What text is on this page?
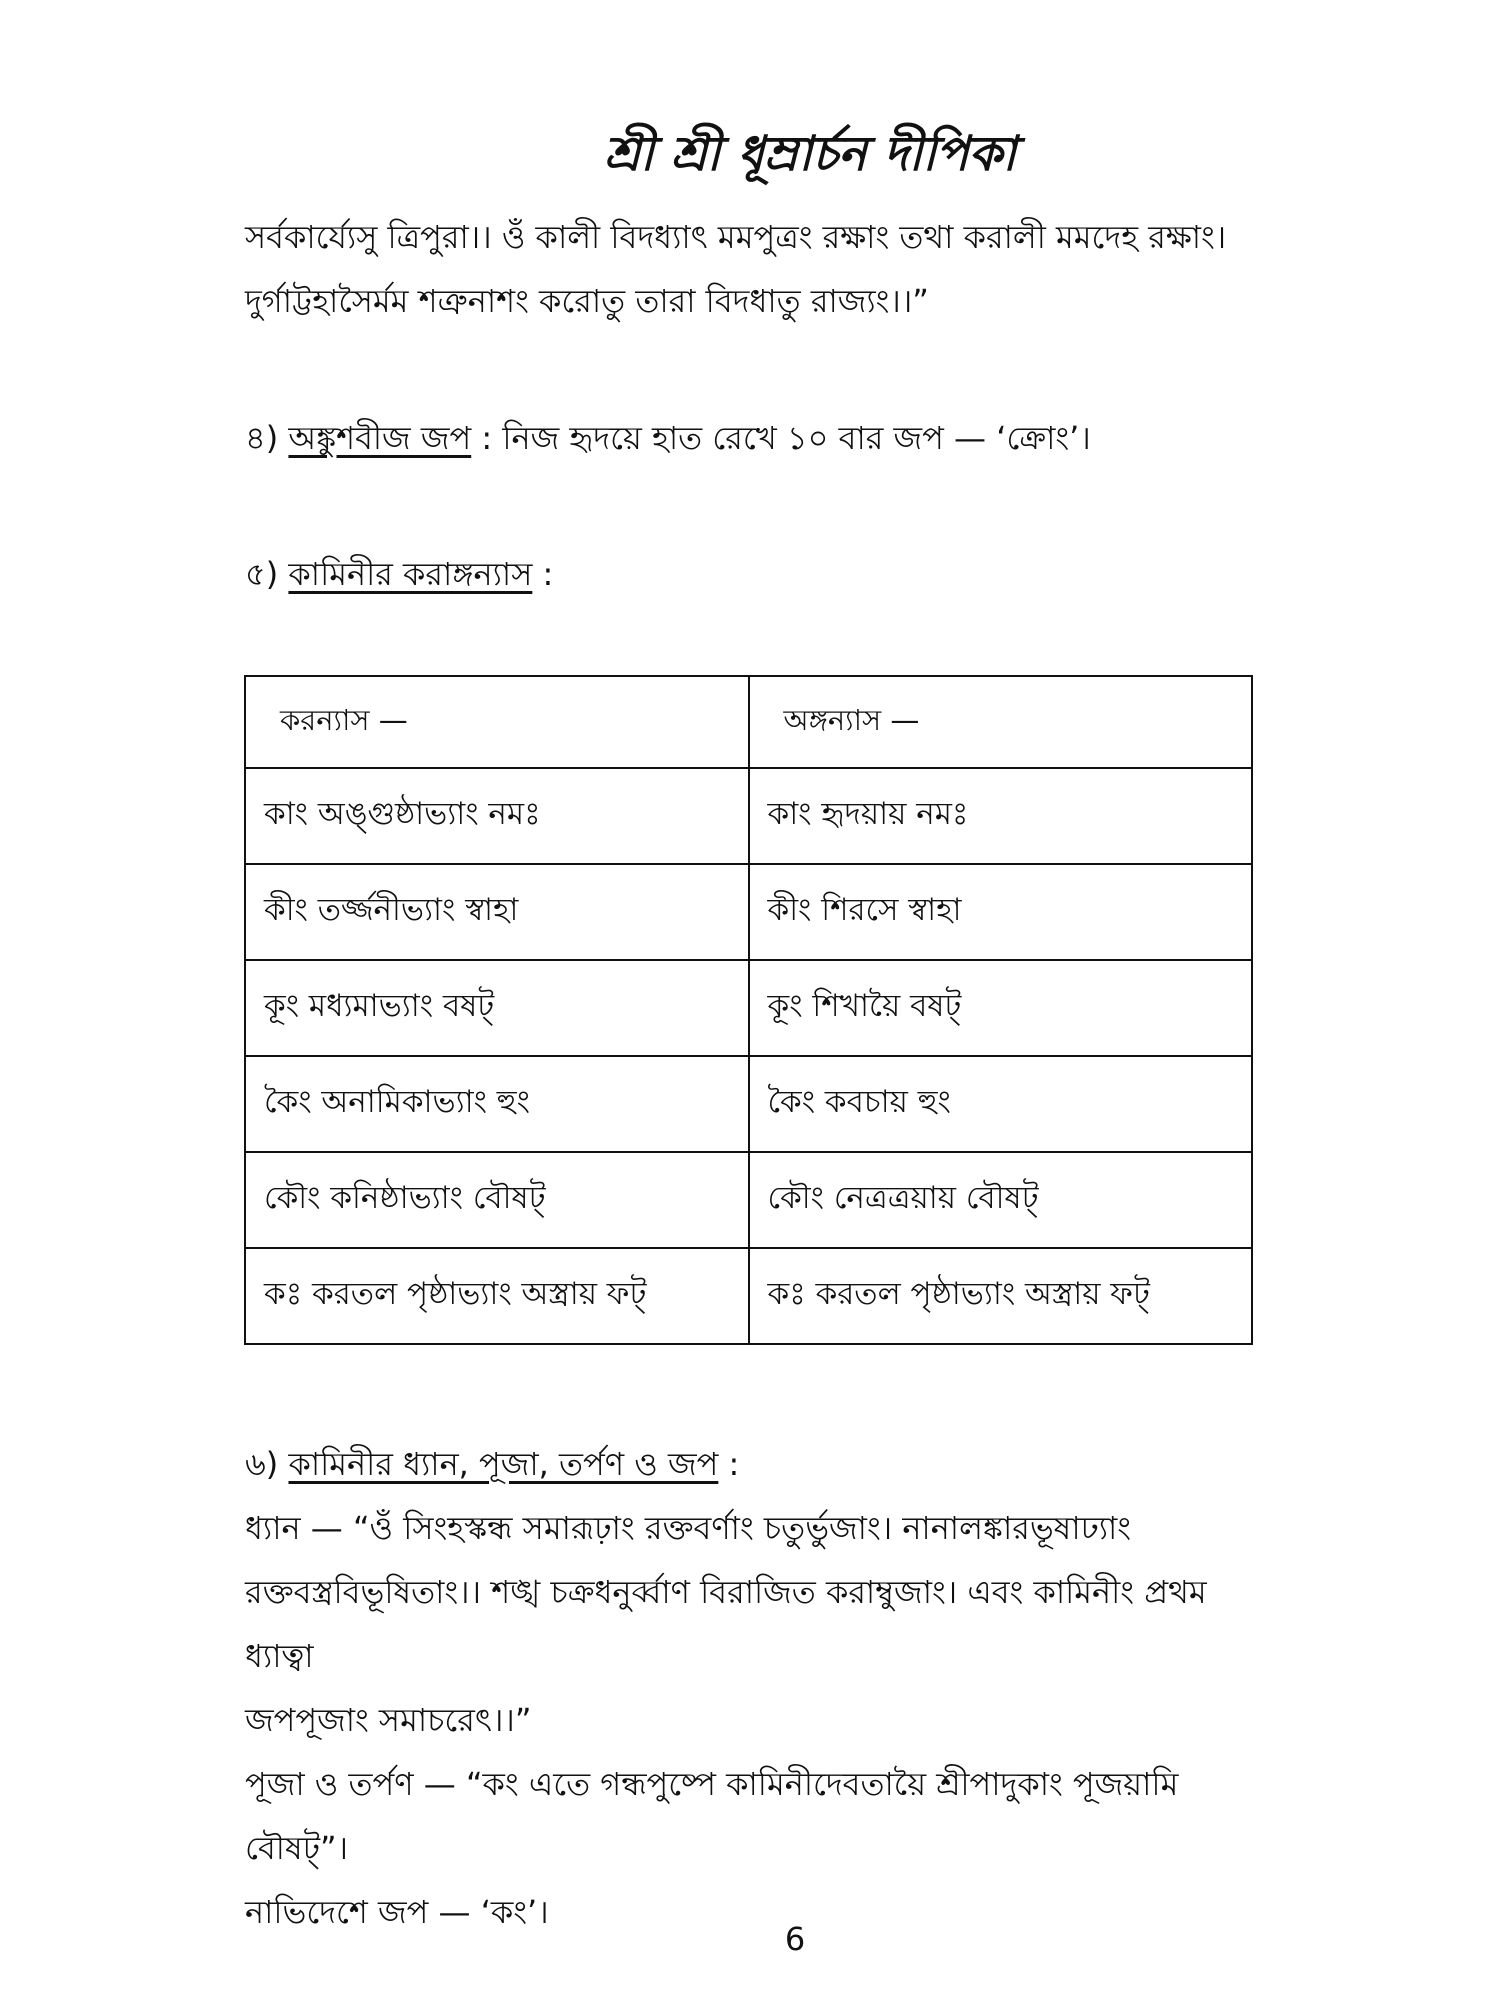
শ্রী শ্রী ধূম্রার্চন দীপিকা
সর্বকার্য্যেসু ত্রিপুরা।। ওঁ কালী বিদধ্যাৎ মমপুত্রং রক্ষাং তথা করালী মমদেহ রক্ষাং।
দুর্গাট্টহাসৈর্মম শত্রুনাশং করোতু তারা বিদধাতু রাজ্যং।।”
৪) অঙ্কুশবীজ জপ : নিজ হৃদয়ে হাত রেখে ১০ বার জপ — ‘ক্রোং’।
৫) কামিনীর করাঙ্গন্যাস :
করন্যাস —	অঙ্গন্যাস —
কাং অঙ্গুষ্ঠাভ্যাং নমঃ	কাং হৃদয়ায় নমঃ
কীং তর্জ্জনীভ্যাং স্বাহা	কীং শিরসে স্বাহা
কূং মধ্যমাভ্যাং বষট্	কূং শিখায়ৈ বষট্
কৈং অনামিকাভ্যাং হুং	কৈং কবচায় হুং
কৌং কনিষ্ঠাভ্যাং বৌষট্	কৌং নেত্রত্রয়ায় বৌষট্
কঃ করতল পৃষ্ঠাভ্যাং অস্ত্রায় ফট্	কঃ করতল পৃষ্ঠাভ্যাং অস্ত্রায় ফট্
৬) কামিনীর ধ্যান, পূজা, তর্পণ ও জপ :
ধ্যান — “ওঁ সিংহস্কন্ধ সমারূঢ়াং রক্তবর্ণাং চতুর্ভুজাং। নানালঙ্কারভূষাঢ্যাং
রক্তবস্ত্রবিভূষিতাং।। শঙ্খ চক্রধনুর্ব্বাণ বিরাজিত করাম্বুজাং। এবং কামিনীং প্রথম ধ্যাত্বা
জপপূজাং সমাচরেৎ।।”
পূজা ও তর্পণ — “কং এতে গন্ধপুষ্পে কামিনীদেবতায়ৈ শ্রীপাদুকাং পূজয়ামি বৌষট্”।
নাভিদেশে জপ — ‘কং’।
6
